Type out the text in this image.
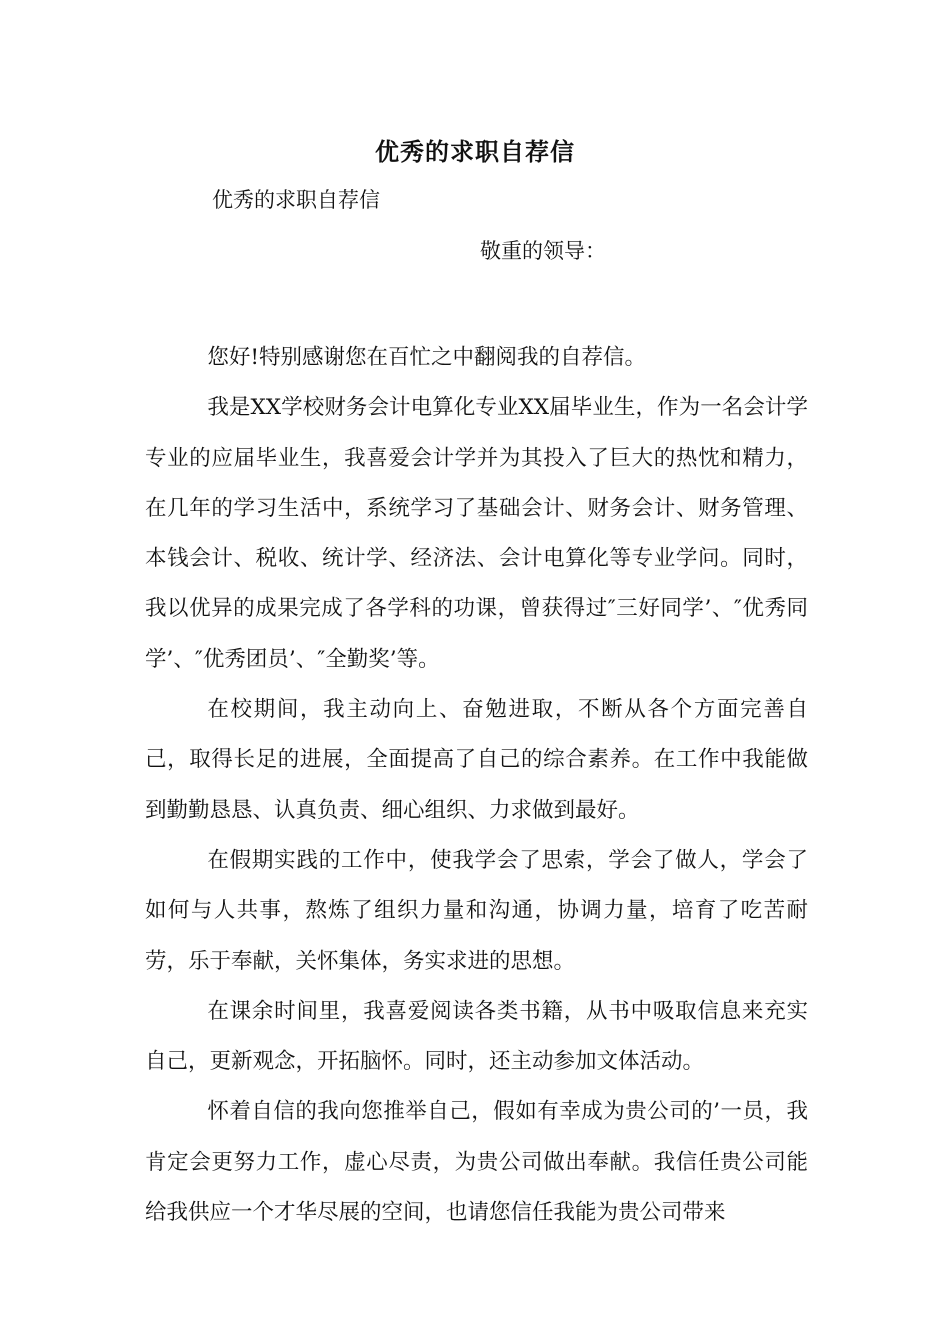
优秀的求职自荐信
优秀的求职自荐信
敬重的领导：

您好!特别感谢您在百忙之中翻阅我的自荐信。

我是XX学校财务会计电算化专业XX届毕业生，作为一名会计学专业的应届毕业生，我喜爱会计学并为其投入了巨大的热忱和精力，在几年的学习生活中，系统学习了基础会计、财务会计、财务管理、本钱会计、税收、统计学、经济法、会计电算化等专业学问。同时，我以优异的成果完成了各学科的功课，曾获得过″三好同学’、″优秀同学’、″优秀团员’、″全勤奖’等。

在校期间，我主动向上、奋勉进取，不断从各个方面完善自己，取得长足的进展，全面提高了自己的综合素养。在工作中我能做到勤勤恳恳、认真负责、细心组织、力求做到最好。

在假期实践的工作中，使我学会了思索，学会了做人，学会了如何与人共事，熬炼了组织力量和沟通，协调力量，培育了吃苦耐劳，乐于奉献，关怀集体，务实求进的思想。

在课余时间里，我喜爱阅读各类书籍，从书中吸取信息来充实自己，更新观念，开拓脑怀。同时，还主动参加文体活动。

怀着自信的我向您推举自己，假如有幸成为贵公司的’一员，我肯定会更努力工作，虚心尽责，为贵公司做出奉献。我信任贵公司能给我供应一个才华尽展的空间，也请您信任我能为贵公司带来
